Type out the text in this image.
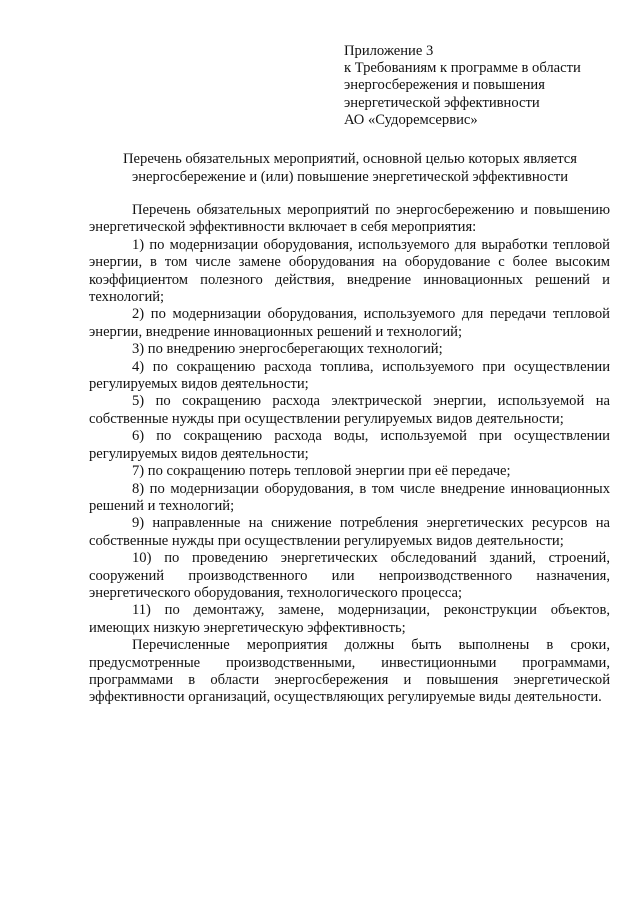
Приложение 3
к Требованиям к программе в области
энергосбережения и повышения
энергетической эффективности
АО «Судоремсервис»
Перечень обязательных мероприятий, основной целью которых является
энергосбережение и (или) повышение энергетической эффективности

Перечень обязательных мероприятий по энергосбережению и повышению энергетической эффективности включает в себя мероприятия:

1) по модернизации оборудования, используемого для выработки тепловой энергии, в том числе замене оборудования на оборудование с более высоким коэффициентом полезного действия, внедрение инновационных решений и технологий;

2) по модернизации оборудования, используемого для передачи тепловой энергии, внедрение инновационных решений и технологий;

3) по внедрению энергосберегающих технологий;

4) по сокращению расхода топлива, используемого при осуществлении регулируемых видов деятельности;

5) по сокращению расхода электрической энергии, используемой на собственные нужды при осуществлении регулируемых видов деятельности;

6) по сокращению расхода воды, используемой при осуществлении регулируемых видов деятельности;

7) по сокращению потерь тепловой энергии при её передаче;

8) по модернизации оборудования, в том числе внедрение инновационных решений и технологий;

9) направленные на снижение потребления энергетических ресурсов на собственные нужды при осуществлении регулируемых видов деятельности;

10) по проведению энергетических обследований зданий, строений, сооружений производственного или непроизводственного назначения, энергетического оборудования, технологического процесса;

11) по демонтажу, замене, модернизации, реконструкции объектов, имеющих низкую энергетическую эффективность;

Перечисленные мероприятия должны быть выполнены в сроки, предусмотренные производственными, инвестиционными программами, программами в области энергосбережения и повышения энергетической эффективности организаций, осуществляющих регулируемые виды деятельности.
